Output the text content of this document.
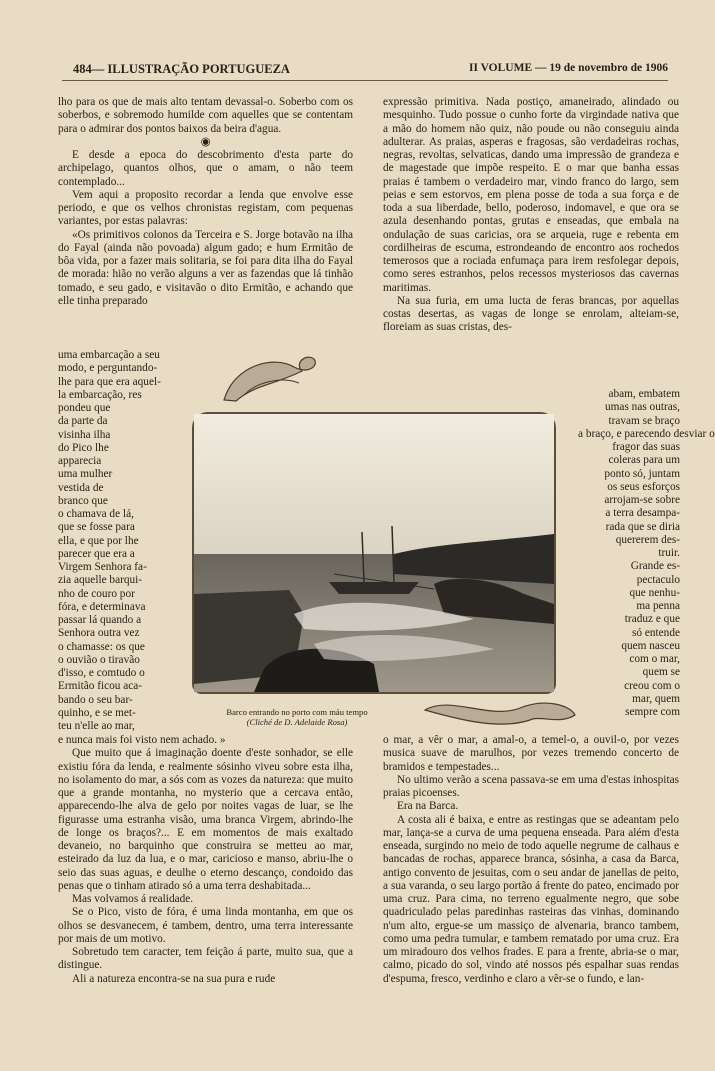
484— ILLUSTRAÇÃO PORTUGUEZA	II VOLUME — 19 de novembro de 1906

lho para os que de mais alto tentam devassal-o. Soberbo com os soberbos, e sobremodo humilde com aquelles que se contentam para o admirar dos pontos baixos da beira d'agua.

◉

E desde a epoca do descobrimento d'esta parte do archipelago, quantos olhos, que o amam, o não teem contemplado...

Vem aqui a proposito recordar a lenda que envolve esse periodo, e que os velhos chronistas registam, com pequenas variantes, por estas palavras:

«Os primitivos colonos da Terceira e S. Jorge botavão na ilha do Fayal (ainda não povoada) algum gado; e hum Ermitão de bôa vida, por a fazer mais solitaria, se foi para dita ilha do Fayal de morada: hião no verão alguns a ver as fazendas que lá tinhão tomado, e seu gado, e visitavão o dito Ermitão, e achando que elle tinha preparado

uma embarcação a seu
modo, e perguntando-
lhe para que era aquel-
la embarcação, res
pondeu que
da parte da
visinha ilha
do Pico lhe
apparecia
uma mulher
vestida de
branco que
o chamava de lá,
que se fosse para
ella, e que por lhe
parecer que era a
Virgem Senhora fa-
zia aquelle barqui-
nho de couro por
fóra, e determinava
passar lá quando a
Senhora outra vez
o chamasse: os que
o ouvião o tiravão
d'isso, e comtudo o
Ermitão ficou aca-
bando o seu bar-
quinho, e se met-
teu n'elle ao mar,

e nunca mais foi visto nem achado. »

Que muito que á imaginação doente d'este sonhador, se elle existiu fóra da lenda, e realmente sósinho viveu sobre esta ilha, no isolamento do mar, a sós com as vozes da natureza: que muito que a grande montanha, no mysterio que a cercava então, apparecendo-lhe alva de gelo por noites vagas de luar, se lhe figurasse uma estranha visão, uma branca Virgem, abrindo-lhe de longe os braços?... E em momentos de mais exaltado devaneio, no barquinho que construira se metteu ao mar, esteirado da luz da lua, e o mar, caricioso e manso, abriu-lhe o seio das suas aguas, e deulhe o eterno descanço, condoido das penas que o tinham atirado só a uma terra deshabitada...

Mas volvamos á realidade.

Se o Pico, visto de fóra, é uma linda montanha, em que os olhos se desvanecem, é tambem, dentro, uma terra interessante por mais de um motivo.

Sobretudo tem caracter, tem feição á parte, muito sua, que a distingue.

Ali a natureza encontra-se na sua pura e rude

expressão primitiva. Nada postiço, amaneirado, alindado ou mesquinho. Tudo possue o cunho forte da virgindade nativa que a mão do homem não quiz, não poude ou não conseguiu ainda adulterar. As praias, asperas e fragosas, são verdadeiras rochas, negras, revoltas, selvaticas, dando uma impressão de grandeza e de magestade que impõe respeito. E o mar que banha essas praias é tambem o verdadeiro mar, vindo franco do largo, sem peias e sem estorvos, em plena posse de toda a sua força e de toda a sua liberdade, bello, poderoso, indomavel, e que ora se azula desenhando pontas, grutas e enseadas, que embala na ondulação de suas caricias, ora se arqueia, ruge e rebenta em cordilheiras de escuma, estrondeando de encontro aos rochedos temerosos que a rociada enfumaça para irem resfolegar depois, como seres estranhos, pelos recessos mysteriosos das cavernas maritimas.

Na sua furia, em uma lucta de feras brancas, por aquellas costas desertas, as vagas de longe se enrolam, alteiam-se, floreiam as suas cristas, des-

abam, embatem
umas nas outras,
travam se braço
a braço, e parecendo desviar o
fragor das suas
coleras para um
ponto só, juntam
os seus esforços
arrojam-se sobre
a terra desampa-
rada que se diria
quererem des-
truir.
Grande es-
pectaculo
que nenhu-
ma penna
traduz e que
só entende
quem nasceu
com o mar,
quem se
creou com o
mar, quem
sempre com

o mar, a vêr o mar, a amal-o, a temel-o, a ouvil-o, por vezes musica suave de marulhos, por vezes tremendo concerto de bramidos e tempestades...

No ultimo verão a scena passava-se em uma d'estas inhospitas praias picoenses.

Era na Barca.

A costa ali é baixa, e entre as restingas que se adeantam pelo mar, lança-se a curva de uma pequena enseada. Para além d'esta enseada, surgindo no meio de todo aquelle negrume de calhaus e bancadas de rochas, apparece branca, sósinha, a casa da Barca, antigo convento de jesuitas, com o seu andar de janellas de peito, a sua varanda, o seu largo portão á frente do pateo, encimado por uma cruz. Para cima, no terreno egualmente negro, que sobe quadriculado pelas paredinhas rasteiras das vinhas, dominando n'um alto, ergue-se um massiço de alvenaria, branco tambem, como uma pedra tumular, e tambem rematado por uma cruz. Era um miradouro dos velhos frades. E para a frente, abria-se o mar, calmo, picado do sol, vindo até nossos pés espalhar suas rendas d'espuma, fresco, verdinho e claro a vêr-se o fundo, e lan-

Barco entrando no porto com máu tempo
(Cliché de D. Adelaide Rosa)
